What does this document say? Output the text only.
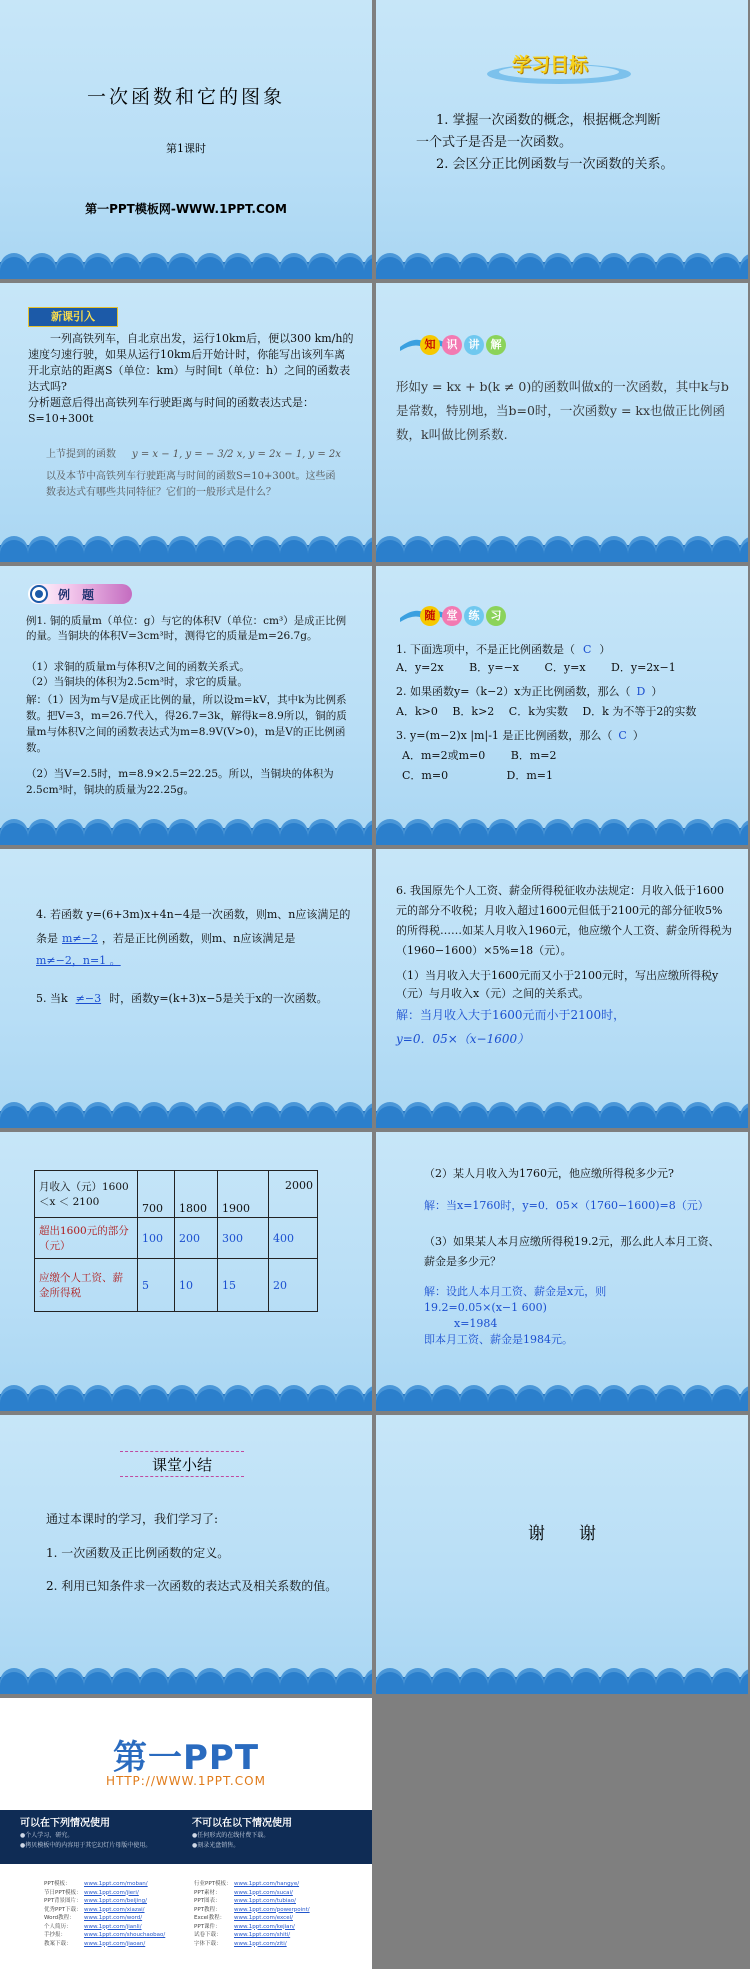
一次函数和它的图象
第1课时
第一PPT模板网-WWW.1PPT.COM
学习目标
1. 掌握一次函数的概念，根据概念判断
一个式子是否是一次函数。
2. 会区分正比例函数与一次函数的关系。
新课引入
一列高铁列车，自北京出发，运行10km后，便以300 km/h的速度匀速行驶，如果从运行10km后开始计时，你能写出该列车离开北京站的距离S（单位：km）与时间t（单位：h）之间的函数表达式吗?
分析题意后得出高铁列车行驶距离与时间的函数表达式是：S=10+300t
上节提到的函数 y = x − 1, y = − 3/2 x, y = 2x − 1, y = 2x
以及本节中高铁列车行驶距离与时间的函数S=10+300t。这些函数表达式有哪些共同特征？它们的一般形式是什么？
知 识 讲 解
形如y = kx + b(k ≠ 0)的函数叫做x的一次函数，其中k与b是常数，特别地，当b=0时，一次函数y = kx也做正比例函数，k叫做比例系数.
例　题
例1. 铜的质量m（单位：g）与它的体积V（单位：cm³）是成正比例的量。当铜块的体积V=3cm³时，测得它的质量是m=26.7g。
（1）求铜的质量m与体积V之间的函数关系式。
（2）当铜块的体积为2.5cm³时，求它的质量。
解：（1）因为m与V是成正比例的量，所以设m=kV，其中k为比例系数。把V=3，m=26.7代入，得26.7=3k，解得k=8.9所以，铜的质量m与体积V之间的函数表达式为m=8.9V(V>0)，m是V的正比例函数。
（2）当V=2.5时，m=8.9×2.5=22.25。所以，当铜块的体积为2.5cm³时，铜块的质量为22.25g。
随 堂 练 习
1. 下面选项中，不是正比例函数是（ C ）
A．y=2x　　 B．y=−x　　 C．y=x　　 D．y=2x−1
2. 如果函数y=（k−2）x为正比例函数，那么（ D ）
A．k>0　 B．k>2　 C．k为实数　 D．k 为不等于2的实数
3. y=(m−2)x |m|-1 是正比例函数，那么（ C ）
A．m=2或m=0　　 B．m=2
C．m=0　　　　　 D．m=1
4. 若函数 y=(6+3m)x+4n−4是一次函数，则m、n应该满足的条是 m≠−2 ，若是正比例函数，则m、n应该满足是
m≠−2，n=1 。
5. 当k ≠−3 时，函数y=(k+3)x−5是关于x的一次函数。
6. 我国原先个人工资、薪金所得税征收办法规定：月收入低于1600元的部分不收税；月收入超过1600元但低于2100元的部分征收5%的所得税……如某人月收入1960元，他应缴个人工资、薪金所得税为（1960−1600）×5%=18（元）。
（1）当月收入大于1600元而又小于2100元时，写出应缴所得税y（元）与月收入x（元）之间的关系式。
解：当月收入大于1600元而小于2100时，
y=0．05×（x−1600）
月收入（元）1600＜x ＜ 2100	700	1800	1900	2000
超出1600元的部分（元）	100	200	300	400
应缴个人工资、薪金所得税	5	10	15	20
（2）某人月收入为1760元，他应缴所得税多少元?
解：当x=1760时，y=0．05×（1760−1600)=8（元）
（3）如果某人本月应缴所得税19.2元，那么此人本月工资、薪金是多少元？
解：设此人本月工资、薪金是x元，则
19.2=0.05×(x−1 600)
x=1984
即本月工资、薪金是1984元。
课堂小结
通过本课时的学习，我们学习了:
1. 一次函数及正比例函数的定义。
2. 利用已知条件求一次函数的表达式及相关系数的值。
谢　　谢
第一PPT
HTTP://WWW.1PPT.COM
可以在下列情况使用
●个人学习、研究。
●拷贝模板中的内容用于其它幻灯片母版中使用。
不可以在以下情况使用
●任何形式的在线付费下载。
●刻录光盘销售。
PPT模板： www.1ppt.com/moban/
节日PPT模板： www.1ppt.com/jieri/
PPT背景图片： www.1ppt.com/beijing/
优秀PPT下载： www.1ppt.com/xiazai/
Word教程： www.1ppt.com/word/
个人简历： www.1ppt.com/jianli/
手抄报：	www.1ppt.com/shouchaobao/
教案下载： www.1ppt.com/jiaoan/
行业PPT模板： www.1ppt.com/hangye/
PPT素材： www.1ppt.com/sucai/
PPT图表： www.1ppt.com/tubiao/
PPT教程： www.1ppt.com/powerpoint/
Excel教程： www.1ppt.com/excel/
PPT课件： www.1ppt.com/kejian/
试卷下载： www.1ppt.com/shiti/
字体下载： www.1ppt.com/ziti/
